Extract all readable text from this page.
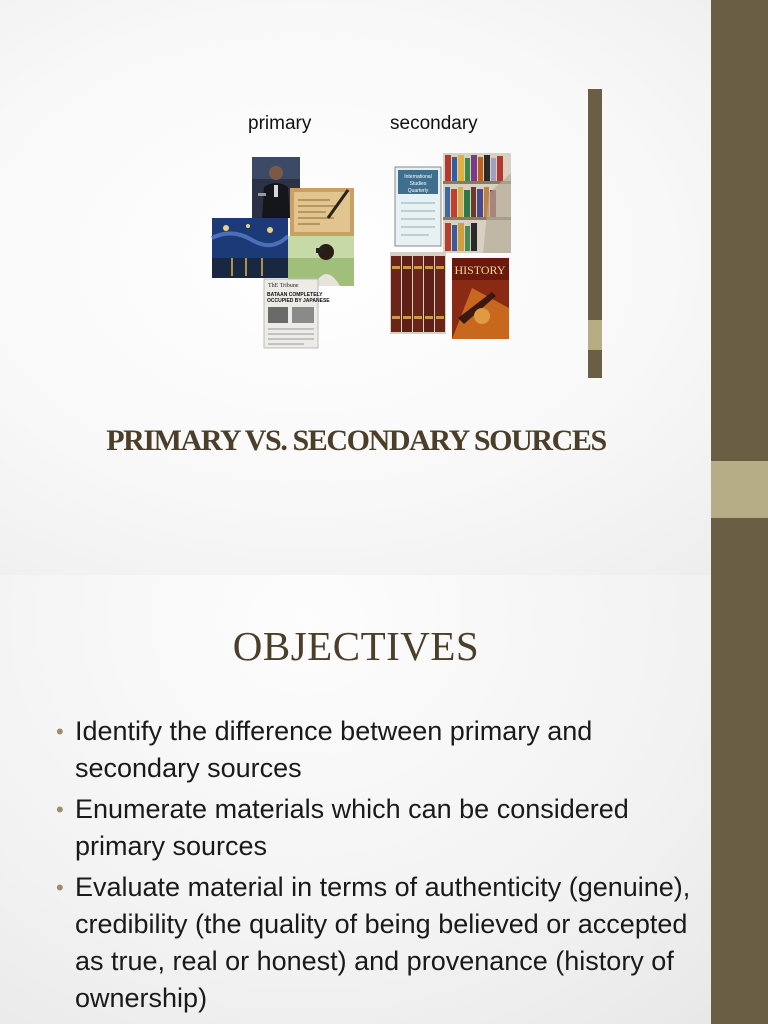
primary	secondary
ThE Tribune
BATAAN COMPLETELY
OCCUPIED BY JAPANESE
International
Studies
Quarterly
HISTORY
PRIMARY VS. SECONDARY SOURCES
OBJECTIVES
• Identify the difference between primary and secondary sources
• Enumerate materials which can be considered primary sources
• Evaluate material in terms of authenticity (genuine), credibility (the quality of being believed or accepted as true, real or honest) and provenance (history of ownership)
